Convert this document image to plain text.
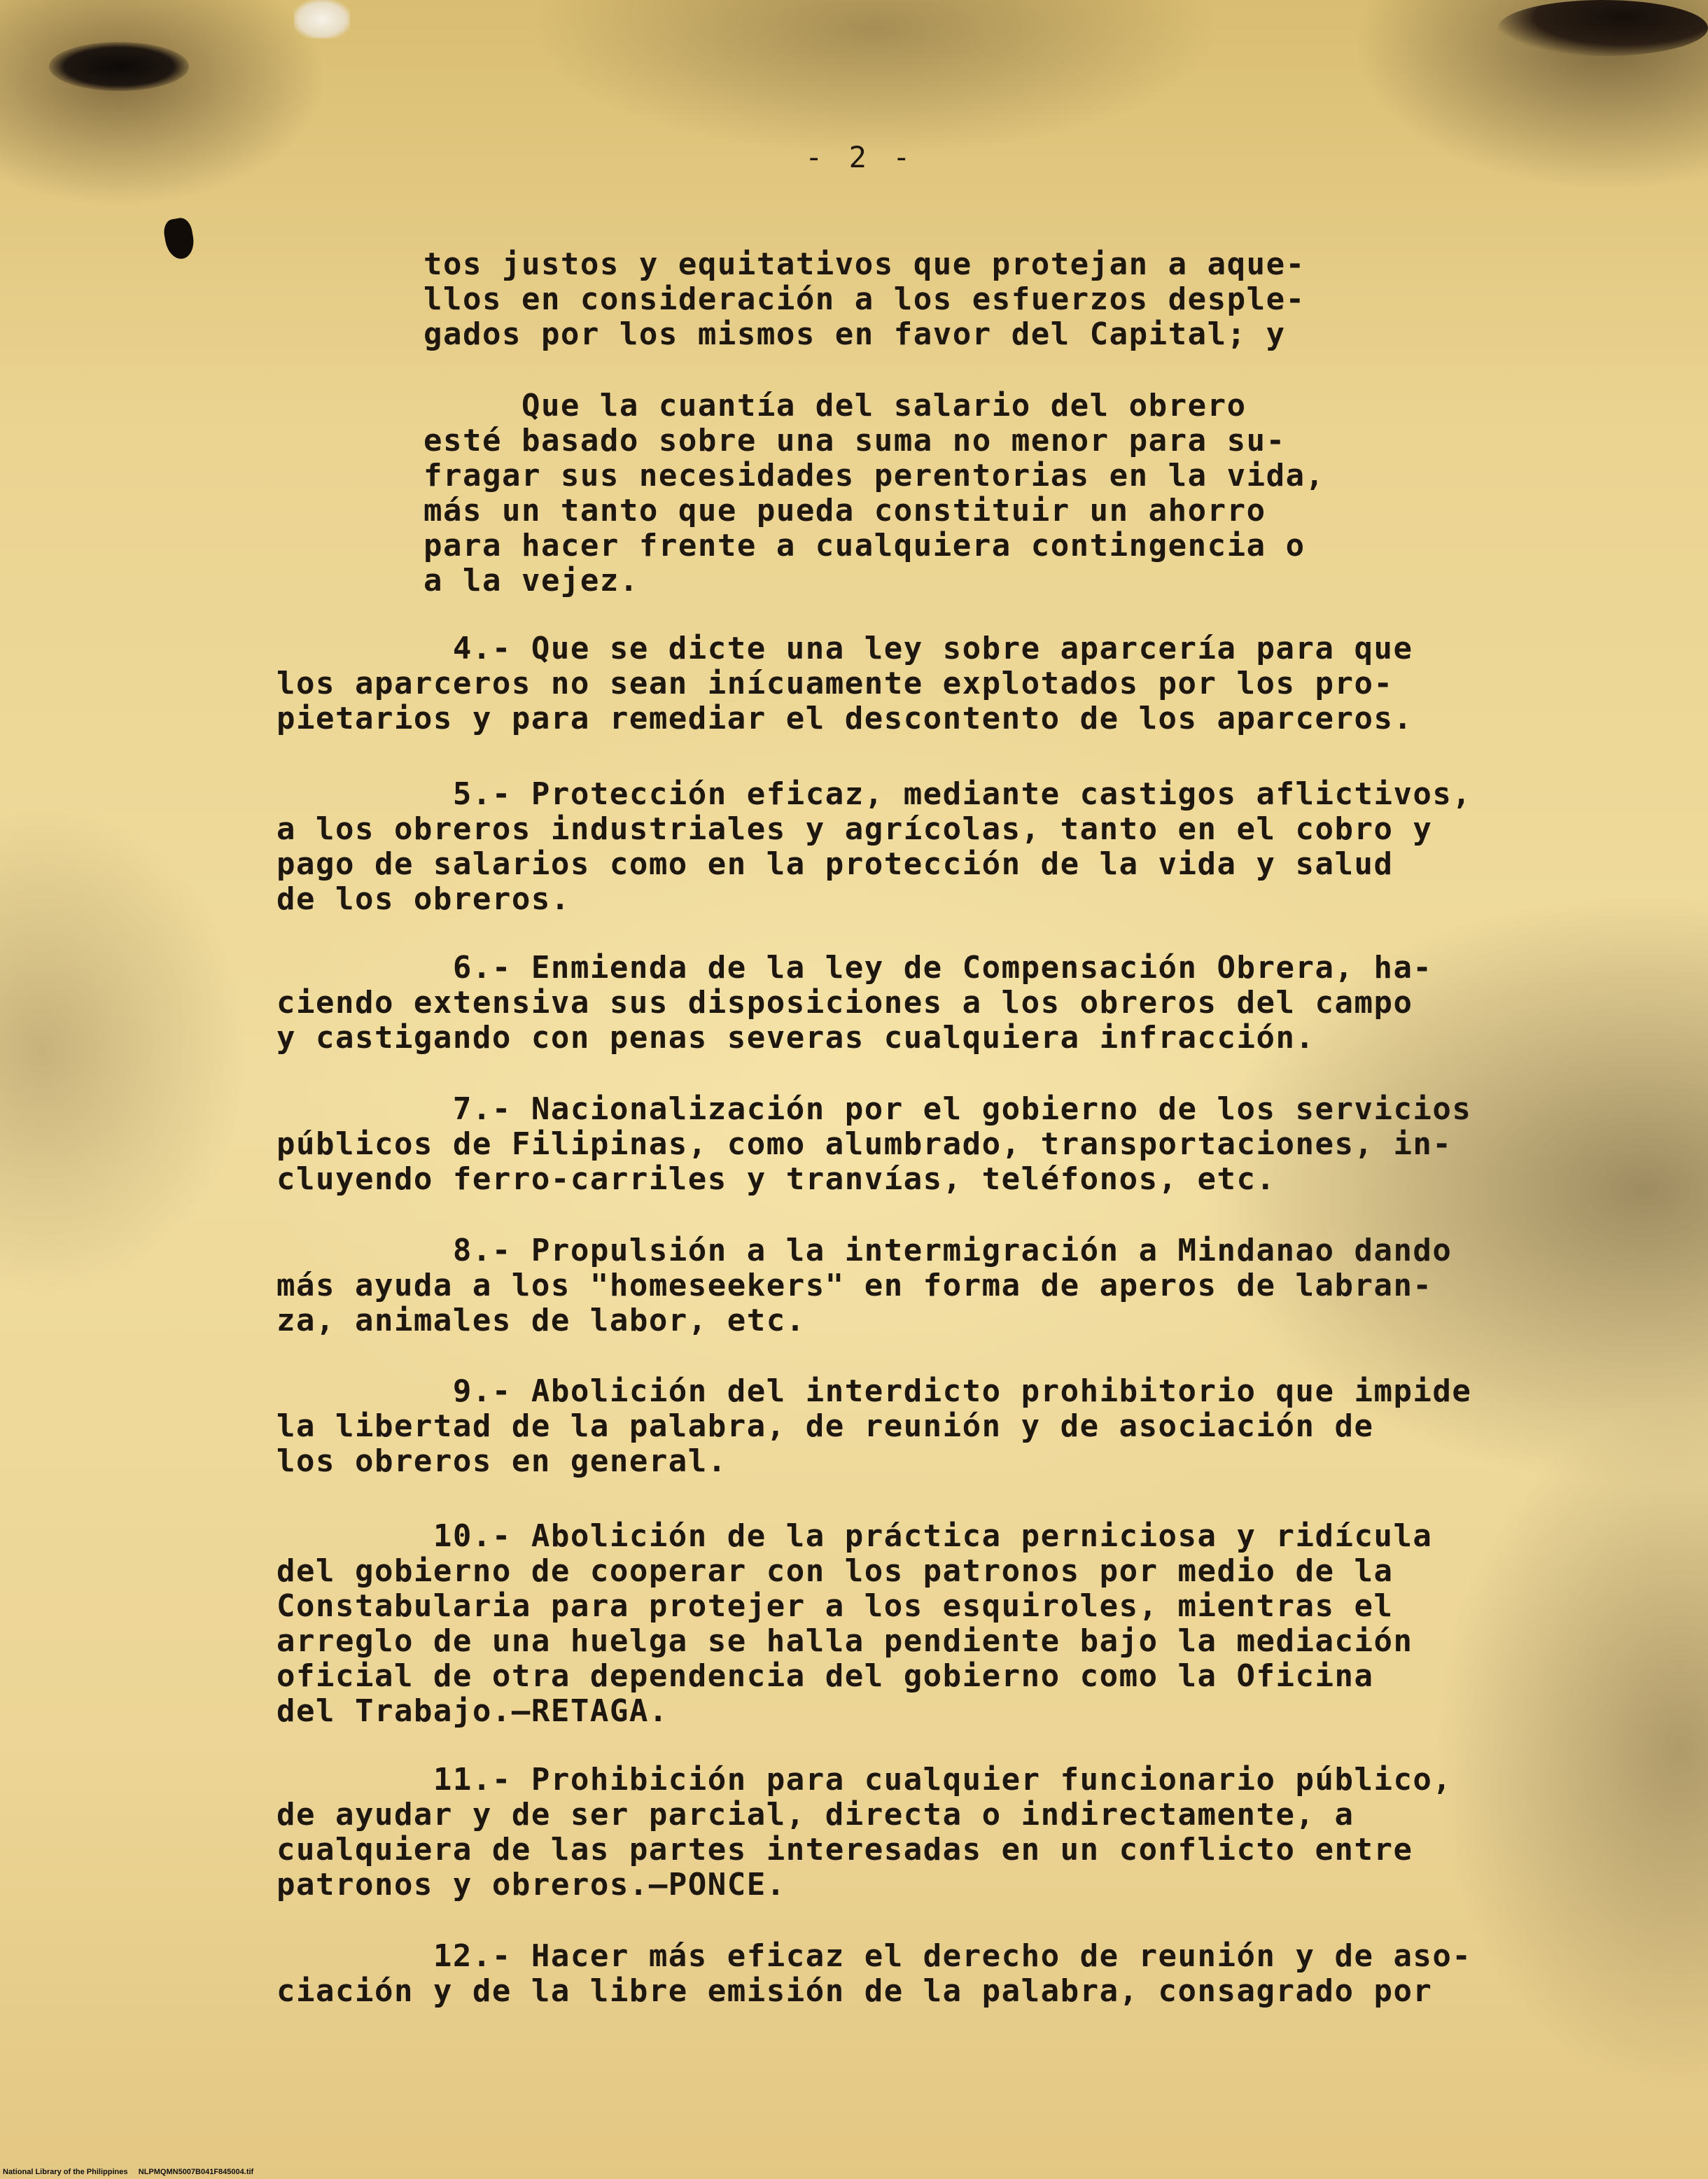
- 2 -

tos justos y equitativos que protejan a aque-
llos en consideración a los esfuerzos desple-
gados por los mismos en favor del Capital; y

Que la cuantía del salario del obrero
esté basado sobre una suma no menor para su-
fragar sus necesidades perentorias en la vida,
más un tanto que pueda constituir un ahorro
para hacer frente a cualquiera contingencia o
a la vejez.

4.- Que se dicte una ley sobre aparcería para que
los aparceros no sean inícuamente explotados por los pro-
pietarios y para remediar el descontento de los aparceros.

5.- Protección eficaz, mediante castigos aflictivos,
a los obreros industriales y agrícolas, tanto en el cobro y
pago de salarios como en la protección de la vida y salud
de los obreros.

6.- Enmienda de la ley de Compensación Obrera, ha-
ciendo extensiva sus disposiciones a los obreros del campo
y castigando con penas severas cualquiera infracción.

7.- Nacionalización por el gobierno de los servicios
públicos de Filipinas, como alumbrado, transportaciones, in-
cluyendo ferro-carriles y tranvías, teléfonos, etc.

8.- Propulsión a la intermigración a Mindanao dando
más ayuda a los "homeseekers" en forma de aperos de labran-
za, animales de labor, etc.

9.- Abolición del interdicto prohibitorio que impide
la libertad de la palabra, de reunión y de asociación de
los obreros en general.

10.- Abolición de la práctica perniciosa y ridícula
del gobierno de cooperar con los patronos por medio de la
Constabularia para protejer a los esquiroles, mientras el
arreglo de una huelga se halla pendiente bajo la mediación
oficial de otra dependencia del gobierno como la Oficina
del Trabajo.—RETAGA.

11.- Prohibición para cualquier funcionario público,
de ayudar y de ser parcial, directa o indirectamente, a
cualquiera de las partes interesadas en un conflicto entre
patronos y obreros.—PONCE.

12.- Hacer más eficaz el derecho de reunión y de aso-
ciación y de la libre emisión de la palabra, consagrado por

National Library of the Philippines     NLPMQMN5007B041F845004.tif
